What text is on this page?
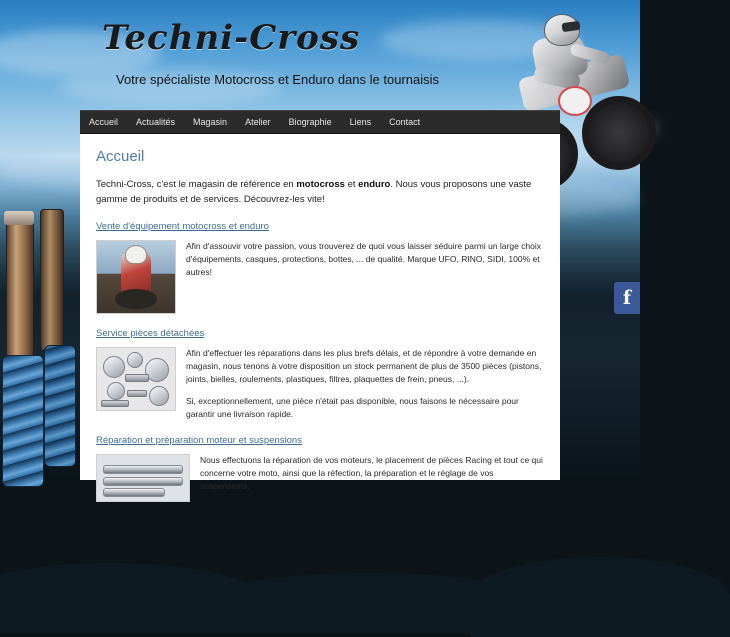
Techni-Cross
Votre spécialiste Motocross et Enduro dans le tournaisis
Accueil	Actualités	Magasin	Atelier	Biographie	Liens	Contact
Accueil

Techni-Cross, c'est le magasin de référence en motocross et enduro. Nous vous proposons une vaste gamme de produits et de services. Découvrez-les vite!

Vente d'équipement motocross et enduro

Afin d'assouvir votre passion, vous trouverez de quoi vous laisser séduire parmi un large choix d'équipements, casques, protections, bottes, ... de qualité. Marque UFO, RINO, SIDI, 100% et autres!

Service pièces détachées

Afin d'effectuer les réparations dans les plus brefs délais, et de répondre à votre demande en magasin, nous tenons à votre disposition un stock permanent de plus de 3500 pièces (pistons, joints, bielles, roulements, plastiques, filtres, plaquettes de frein, pneus, ...).

Si, exceptionnellement, une pièce n'était pas disponible, nous faisons le nécessaire pour garantir une livraison rapide.

Réparation et préparation moteur et suspensions

Nous effectuons la réparation de vos moteurs, le placement de pièces Racing et tout ce qui concerne votre moto, ainsi que la réfection, la préparation et le réglage de vos suspensions.

f
